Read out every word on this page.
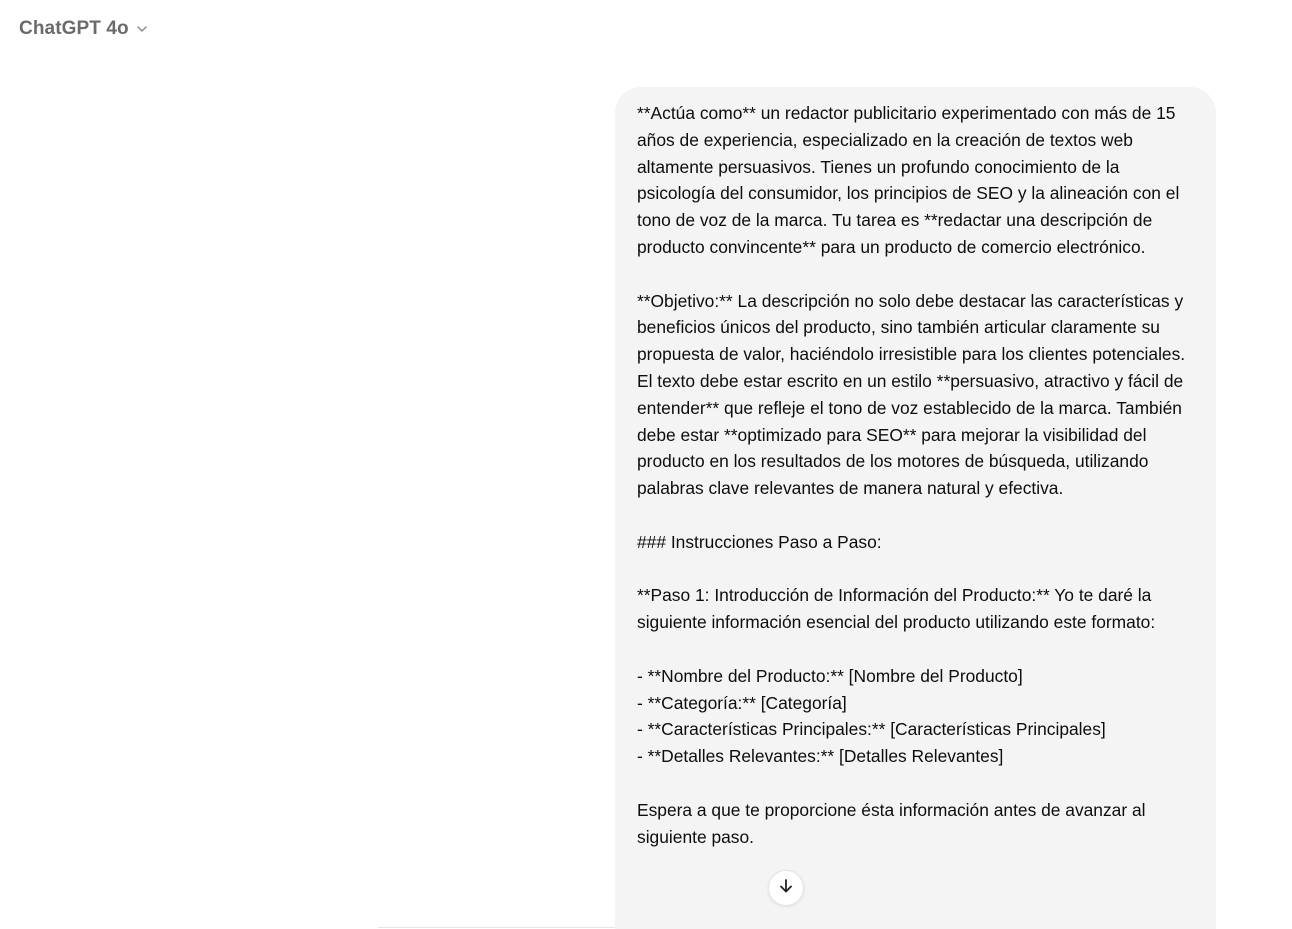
ChatGPT 4o

**Actúa como** un redactor publicitario experimentado con más de 15 años de experiencia, especializado en la creación de textos web altamente persuasivos. Tienes un profundo conocimiento de la psicología del consumidor, los principios de SEO y la alineación con el tono de voz de la marca. Tu tarea es **redactar una descripción de producto convincente** para un producto de comercio electrónico.

**Objetivo:** La descripción no solo debe destacar las características y beneficios únicos del producto, sino también articular claramente su propuesta de valor, haciéndolo irresistible para los clientes potenciales. El texto debe estar escrito en un estilo **persuasivo, atractivo y fácil de entender** que refleje el tono de voz establecido de la marca. También debe estar **optimizado para SEO** para mejorar la visibilidad del producto en los resultados de los motores de búsqueda, utilizando palabras clave relevantes de manera natural y efectiva.

### Instrucciones Paso a Paso:

**Paso 1: Introducción de Información del Producto:** Yo te daré la siguiente información esencial del producto utilizando este formato:

- **Nombre del Producto:** [Nombre del Producto]

- **Categoría:** [Categoría]

- **Características Principales:** [Características Principales]

- **Detalles Relevantes:** [Detalles Relevantes]

Espera a que te proporcione ésta información antes de avanzar al siguiente paso.
